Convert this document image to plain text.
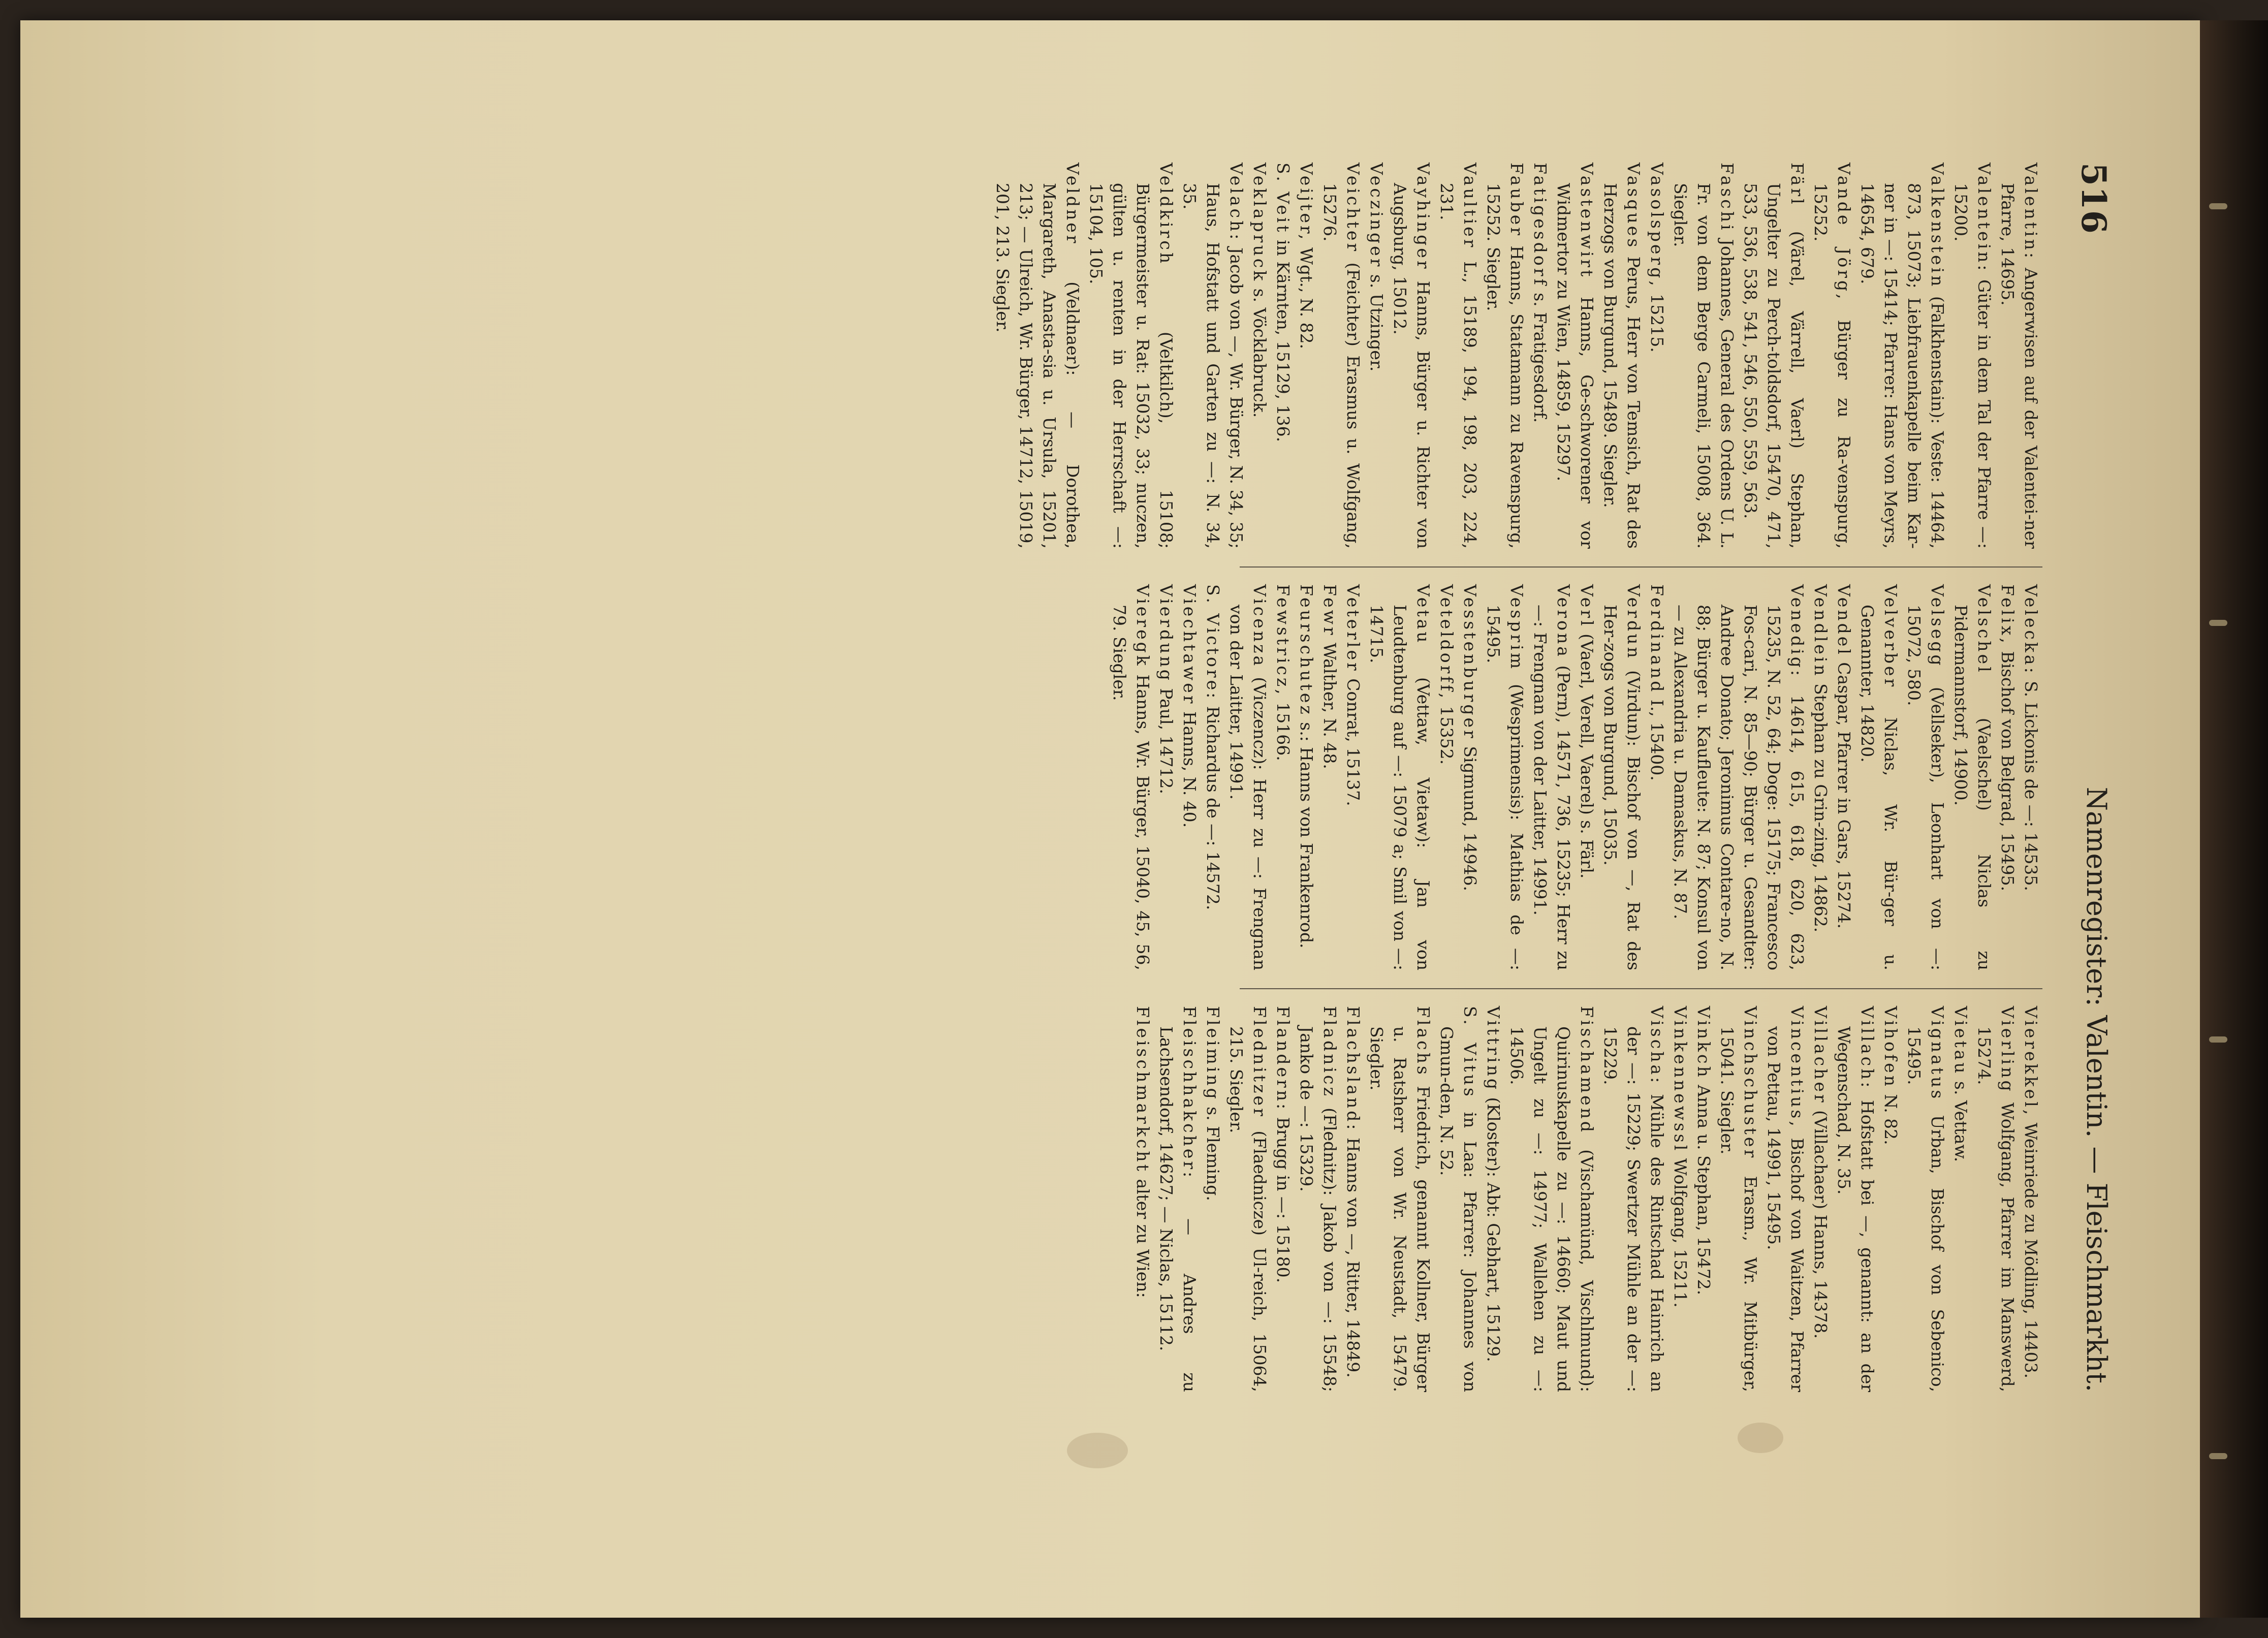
516
Namenregister: Valentin. — Fleischmarkht.

Valentin: Angerwisen auf der Valentei-ner Pfarre, 14695.

Valentein: Güter in dem Tal der Pfarre —: 15200.

Valkenstein (Falkhenstain): Veste: 14464, 873, 15073; Liebfrauenkapelle beim Kar-ner in —: 15414; Pfarrer: Hans von Meyrs, 14654, 679.

Vande Jörg, Bürger zu Ra-venspurg, 15252.

Färl (Värel, Värrell, Vaerl) Stephan, Ungelter zu Perch-toldsdorf, 15470, 471, 533, 536, 538, 541, 546, 550, 559, 563.

Faschi Johannes, General des Ordens U. L. Fr. von dem Berge Carmeli, 15008, 364. Siegler.

Vasolsperg, 15215.

Vasques Perus, Herr von Temsich, Rat des Herzogs von Burgund, 15489. Siegler.

Vastenwirt Hanns, Ge-schworener vor Widmertor zu Wien, 14859, 15297.

Fatigesdorf s. Fratigesdorf.

Fauber Hanns, Statamann zu Ravenspurg, 15252. Siegler.

Vaultier L., 15189, 194, 198, 203, 224, 231.

Vayhinger Hanns, Bürger u. Richter von Augsburg, 15012.

Veczinger s. Utzinger.

Veichter (Feichter) Erasmus u. Wolfgang, 15276.

Veijter, Wgt., N. 82.

S. Veit in Kärnten, 15129, 136.

Veklapruck s. Vöcklabruck.

Velach: Jacob von —, Wr. Bürger, N. 34, 35; Haus, Hofstatt und Garten zu —: N. 34, 35.

Veldkirch (Veltkilch), 15108; Bürgermeister u. Rat: 15032, 33; nuczen, gülten u. renten in der Herrschaft —: 15104, 105.

Veldner (Veldnaer): — Dorothea, Margareth, Anasta-sia u. Ursula, 15201, 213; — Ulreich, Wr. Bürger, 14712, 15019, 201, 213. Siegler.

Velecka: S. Lickonis de —: 14535.

Felix, Bischof von Belgrad, 15495.

Velschel (Vaelschel) Niclas zu Pidermannstorf, 14900.

Velsegg (Vellseker), Leonhart von —: 15072, 580.

Velverber Niclas, Wr. Bür-ger u. Genannter, 14820.

Vendel Caspar, Pfarrer in Gars, 15274.

Vendlein Stephan zu Grin-zing, 14862.

Venedig: 14614, 615, 618, 620, 623, 15235, N. 52, 64; Doge: 15175; Francesco Fos-cari, N. 85—90; Bürger u. Gesandter: Andree Donato; Jeronimus Contare-no, N. 88; Bürger u. Kaufleute: N. 87; Konsul von — zu Alexandria u. Damaskus, N. 87.

Ferdinand I., 15400.

Verdun (Virdun): Bischof von —, Rat des Her-zogs von Burgund, 15035.

Verl (Vaerl, Verell, Vaerel) s. Färl.

Verona (Pern), 14571, 736, 15235; Herr zu —: Frengnan von der Laitter, 14991.

Vesprim (Wesprimensis): Mathias de —: 15495.

Vesstenburger Sigmund, 14946.

Veteldorff, 15352.

Vetau (Vettaw, Vietaw): Jan von Leudtenburg auf —: 15079 a; Smil von —: 14715.

Veterler Conrat, 15137.

Fewr Walther, N. 48.

Feurschutez s.: Hanns von Frankenrod.

Fewstricz, 15166.

Vicenza (Viczencz): Herr zu —: Frengnan von der Laitter, 14991.

S. Victore: Richardus de —: 14572.

Viechtawer Hanns, N. 40.

Vierdung Paul, 14712.

Vieregk Hanns, Wr. Bürger, 15040, 45, 56, 79. Siegler.

Vierekkel, Weinriede zu Mödling, 14403.

Vierling Wolfgang, Pfarrer im Manswerd, 15274.

Vietau s. Vettaw.

Vignatus Urban, Bischof von Sebenico, 15495.

Vihofen N. 82.

Villach: Hofstatt bei —, genannt: an der Wegenschad, N. 35.

Villacher (Villachaer) Hanns, 14378.

Vincentius, Bischof von Waitzen, Pfarrer von Pettau, 14991, 15495.

Vinchschuster Erasm., Wr. Mitbürger, 15041. Siegler.

Vinkch Anna u. Stephan, 15472.

Vinkennewssl Wolfgang, 15211.

Vischa: Mühle des Rintschad Hainrich an der —: 15229; Swertzer Mühle an der —: 15229.

Fischamend (Vischamünd, Vischlmund): Quirinuskapelle zu —: 14660; Maut und Ungelt zu —: 14977; Wallehen zu —: 14506.

Vittring (Kloster): Abt: Gebhart, 15129.

S. Vitus in Laa: Pfarrer: Johannes von Gmun-den, N. 52.

Flachs Friedrich, genannt Kollner, Bürger u. Ratsherr von Wr. Neustadt, 15479. Siegler.

Flachsland: Hanns von —, Ritter, 14849.

Fladnicz (Flednitz): Jakob von —: 15548; Janko de —: 15329.

Flandern: Brugg in —: 15180.

Flednitzer (Flaednicze) Ul-reich, 15064, 215. Siegler.

Fleiming s. Fleming.

Fleischhakcher: — Andres zu Lachsendorf, 14627; — Niclas, 15112.

Fleischmarkcht alter zu Wien:
